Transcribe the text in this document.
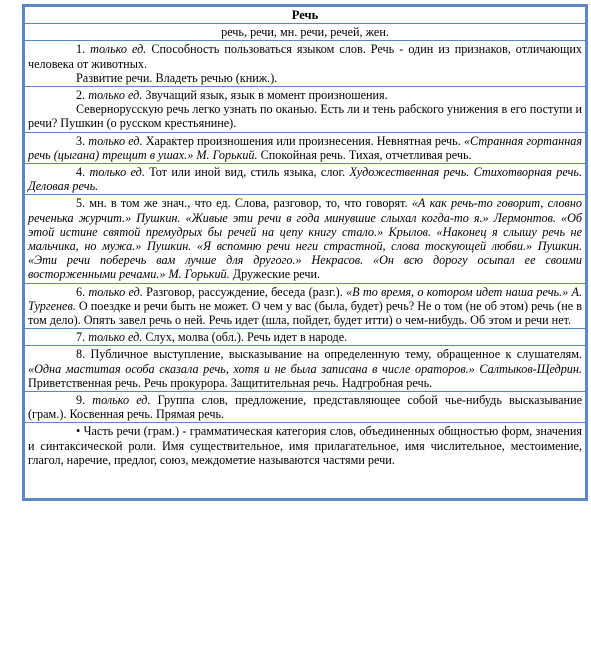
Речь
речь, речи, мн. речи, речей, жен.

1. только ед. Способность пользоваться языком слов. Речь - один из признаков, отличающих человека от животных.

Развитие речи. Владеть речью (книж.).

2. только ед. Звучащий язык, язык в момент произношения.

Севернорусскую речь легко узнать по оканью. Есть ли и тень рабского унижения в его поступи и речи? Пушкин (о русском крестьянине).

3. только ед. Характер произношения или произнесения. Невнятная речь. «Странная гортанная речь (цыгана) трещит в ушах.» М. Горький. Спокойная речь. Тихая, отчетливая речь.

4. только ед. Тот или иной вид, стиль языка, слог. Художественная речь. Стихотворная речь. Деловая речь.

5. мн. в том же знач., что ед. Слова, разговор, то, что говорят. «А как речь-то говорит, словно реченька журчит.» Пушкин. «Живые эти речи в года минувшие слыхал когда-то я.» Лермонтов. «Об этой истине святой премудрых бы речей на цепу книгу стало.» Крылов. «Наконец я слышу речь не мальчика, но мужа.» Пушкин. «Я вспомню речи неги страстной, слова тоскующей любви.» Пушкин. «Эти речи поберечь вам лучше для другого.» Некрасов. «Он всю дорогу осыпал ее своими восторженными речами.» М. Горький. Дружеские речи.

6. только ед. Разговор, рассуждение, беседа (разг.). «В то время, о котором идет наша речь.» А. Тургенев. О поездке и речи быть не может. О чем у вас (была, будет) речь? Не о том (не об этом) речь (не в том дело). Опять завел речь о ней. Речь идет (шла, пойдет, будет итти) о чем-нибудь. Об этом и речи нет.

7. только ед. Слух, молва (обл.). Речь идет в народе.

8. Публичное выступление, высказывание на определенную тему, обращенное к слушателям. «Одна маститая особа сказала речь, хотя и не была записана в числе ораторов.» Салтыков-Щедрин. Приветственная речь. Речь прокурора. Защитительная речь. Надгробная речь.

9. только ед. Группа слов, предложение, представляющее собой чье-нибудь высказывание (грам.). Косвенная речь. Прямая речь.

• Часть речи (грам.) - грамматическая категория слов, объединенных общностью форм, значения и синтаксической роли. Имя существительное, имя прилагательное, имя числительное, местоимение, глагол, наречие, предлог, союз, междометие называются частями речи.
